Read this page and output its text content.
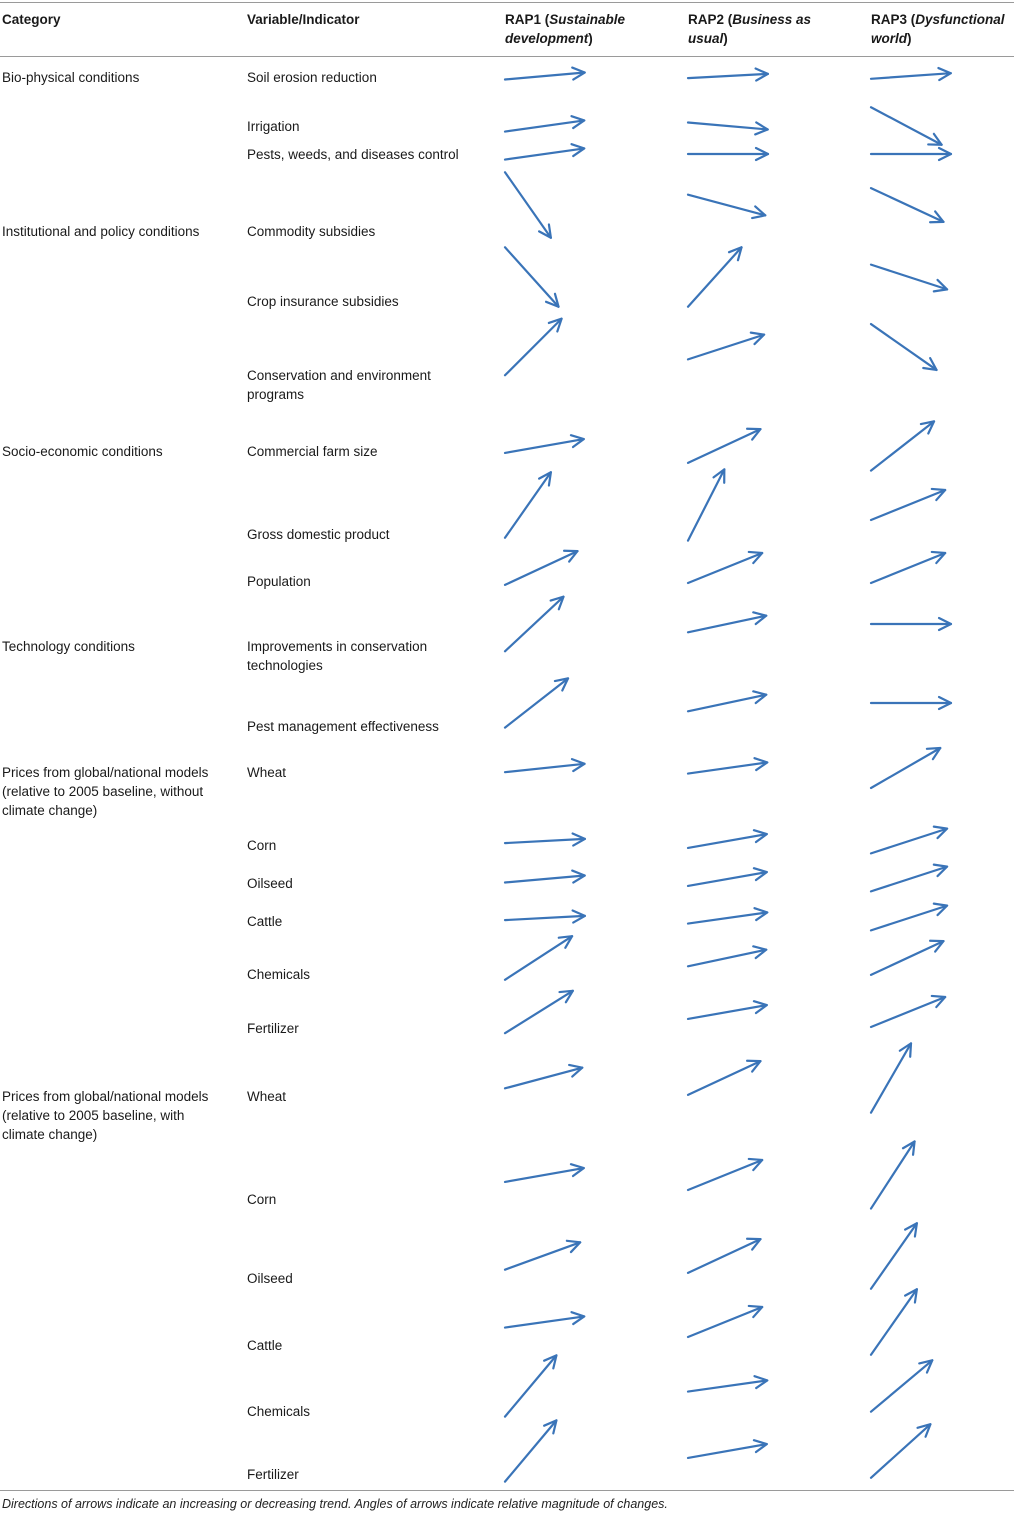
Category	Variable/Indicator	RAP1 (Sustainable development)
RAP2 (Business as usual)
RAP3 (Dysfunctional world)
Bio-physical conditions
Institutional and policy conditions
Socio-economic conditions
Technology conditions
Prices from global/national models (relative to 2005 baseline, without climate change)
Prices from global/national models (relative to 2005 baseline, with climate change)
Soil erosion reduction
Irrigation
Pests, weeds, and diseases control
Commodity subsidies
Crop insurance subsidies
Conservation and environment programs
Commercial farm size
Gross domestic product
Population
Improvements in conservation technologies
Pest management effectiveness
Wheat
Corn
Oilseed
Cattle
Chemicals
Fertilizer
Wheat
Corn
Oilseed
Cattle
Chemicals
Fertilizer
Directions of arrows indicate an increasing or decreasing trend. Angles of arrows indicate relative magnitude of changes.
